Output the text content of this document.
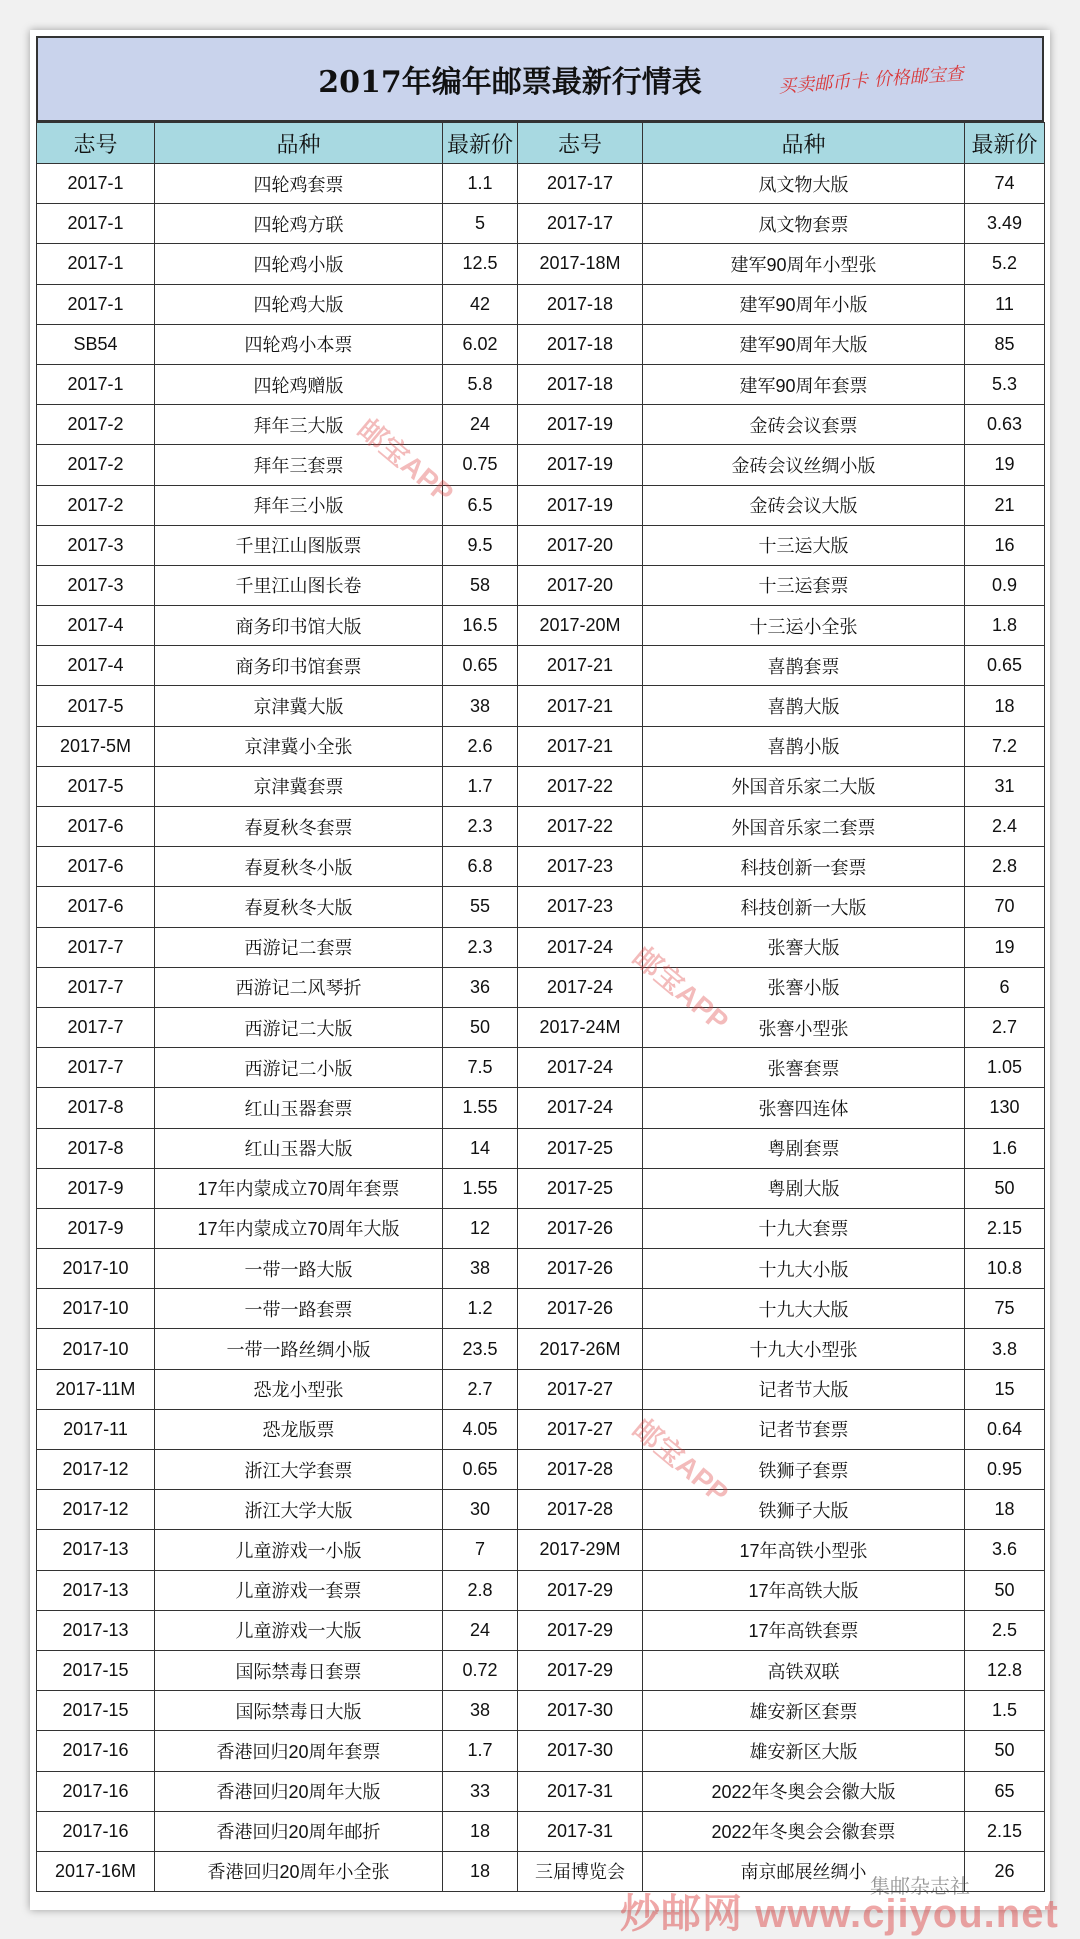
2017年编年邮票最新行情表	买卖邮币卡 价格邮宝查
志号	品种	最新价	志号	品种	最新价
2017-1	四轮鸡套票	1.1	2017-17	凤文物大版	74
2017-1	四轮鸡方联	5	2017-17	凤文物套票	3.49
2017-1	四轮鸡小版	12.5	2017-18M	建军90周年小型张	5.2
2017-1	四轮鸡大版	42	2017-18	建军90周年小版	11
SB54	四轮鸡小本票	6.02	2017-18	建军90周年大版	85
2017-1	四轮鸡赠版	5.8	2017-18	建军90周年套票	5.3
2017-2	拜年三大版	24	2017-19	金砖会议套票	0.63
2017-2	拜年三套票	0.75	2017-19	金砖会议丝绸小版	19
2017-2	拜年三小版	6.5	2017-19	金砖会议大版	21
2017-3	千里江山图版票	9.5	2017-20	十三运大版	16
2017-3	千里江山图长卷	58	2017-20	十三运套票	0.9
2017-4	商务印书馆大版	16.5	2017-20M	十三运小全张	1.8
2017-4	商务印书馆套票	0.65	2017-21	喜鹊套票	0.65
2017-5	京津冀大版	38	2017-21	喜鹊大版	18
2017-5M	京津冀小全张	2.6	2017-21	喜鹊小版	7.2
2017-5	京津冀套票	1.7	2017-22	外国音乐家二大版	31
2017-6	春夏秋冬套票	2.3	2017-22	外国音乐家二套票	2.4
2017-6	春夏秋冬小版	6.8	2017-23	科技创新一套票	2.8
2017-6	春夏秋冬大版	55	2017-23	科技创新一大版	70
2017-7	西游记二套票	2.3	2017-24	张謇大版	19
2017-7	西游记二风琴折	36	2017-24	张謇小版	6
2017-7	西游记二大版	50	2017-24M	张謇小型张	2.7
2017-7	西游记二小版	7.5	2017-24	张謇套票	1.05
2017-8	红山玉器套票	1.55	2017-24	张謇四连体	130
2017-8	红山玉器大版	14	2017-25	粤剧套票	1.6
2017-9	17年内蒙成立70周年套票	1.55	2017-25	粤剧大版	50
2017-9	17年内蒙成立70周年大版	12	2017-26	十九大套票	2.15
2017-10	一带一路大版	38	2017-26	十九大小版	10.8
2017-10	一带一路套票	1.2	2017-26	十九大大版	75
2017-10	一带一路丝绸小版	23.5	2017-26M	十九大小型张	3.8
2017-11M	恐龙小型张	2.7	2017-27	记者节大版	15
2017-11	恐龙版票	4.05	2017-27	记者节套票	0.64
2017-12	浙江大学套票	0.65	2017-28	铁狮子套票	0.95
2017-12	浙江大学大版	30	2017-28	铁狮子大版	18
2017-13	儿童游戏一小版	7	2017-29M	17年高铁小型张	3.6
2017-13	儿童游戏一套票	2.8	2017-29	17年高铁大版	50
2017-13	儿童游戏一大版	24	2017-29	17年高铁套票	2.5
2017-15	国际禁毒日套票	0.72	2017-29	高铁双联	12.8
2017-15	国际禁毒日大版	38	2017-30	雄安新区套票	1.5
2017-16	香港回归20周年套票	1.7	2017-30	雄安新区大版	50
2017-16	香港回归20周年大版	33	2017-31	2022年冬奥会会徽大版	65
2017-16	香港回归20周年邮折	18	2017-31	2022年冬奥会会徽套票	2.15
2017-16M	香港回归20周年小全张	18	三届博览会	南京邮展丝绸小	26
邮宝APP
邮宝APP
邮宝APP
炒邮网 www.cjiyou.net
集邮杂志社
